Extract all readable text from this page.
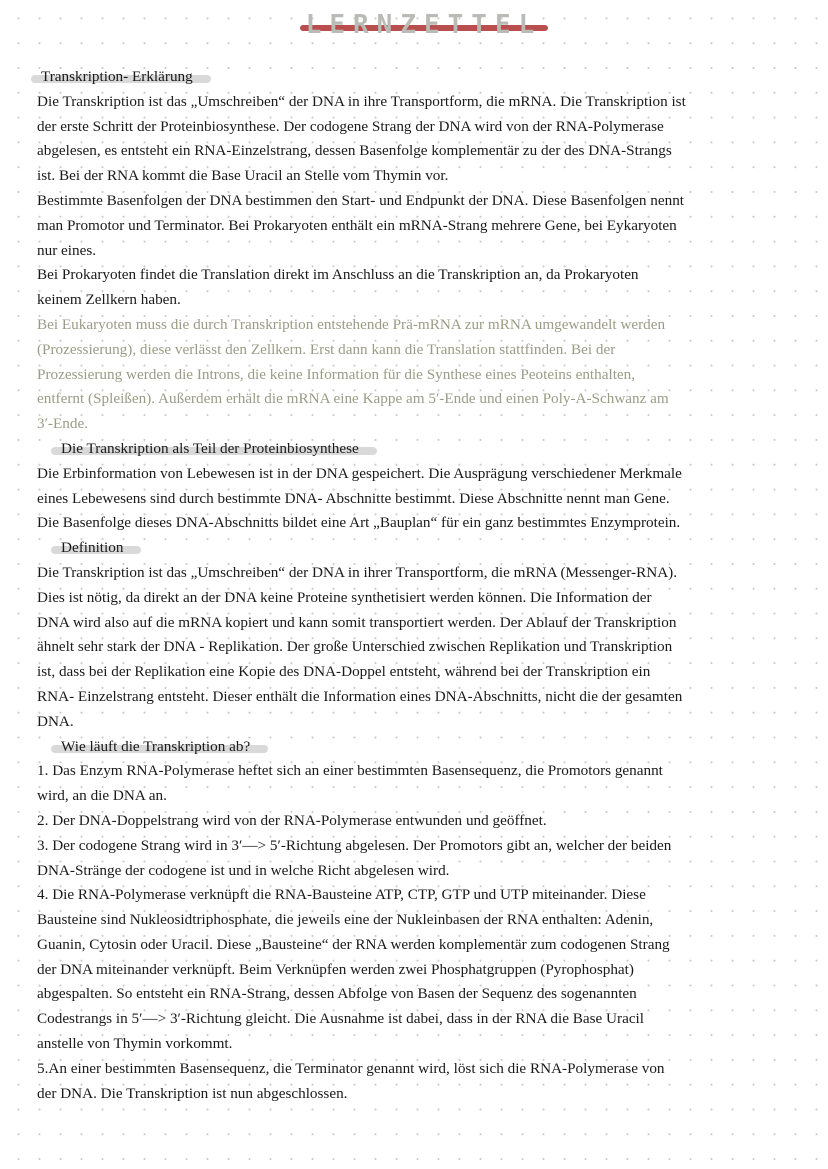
LERNZETTEL
Transkription- Erklärung
Die Transkription ist das „Umschreiben“ der DNA in ihre Transportform, die mRNA. Die Transkription ist
der erste Schritt der Proteinbiosynthese. Der codogene Strang der DNA wird von der RNA-Polymerase
abgelesen, es entsteht ein RNA-Einzelstrang, dessen Basenfolge komplementär zu der des DNA-Strangs
ist. Bei der RNA kommt die Base Uracil an Stelle vom Thymin vor.
Bestimmte Basenfolgen der DNA bestimmen den Start- und Endpunkt der DNA. Diese Basenfolgen nennt
man Promotor und Terminator. Bei Prokaryoten enthält ein mRNA-Strang mehrere Gene, bei Eykaryoten
nur eines.
Bei Prokaryoten findet die Translation direkt im Anschluss an die Transkription an, da Prokaryoten
keinem Zellkern haben.
Bei Eukaryoten muss die durch Transkription entstehende Prä-mRNA zur mRNA umgewandelt werden
(Prozessierung), diese verlässt den Zellkern. Erst dann kann die Translation stattfinden. Bei der
Prozessierung werden die Introns, die keine Information für die Synthese eines Peoteins enthalten,
entfernt (Spleißen). Außerdem erhält die mRNA eine Kappe am 5′-Ende und einen Poly-A-Schwanz am
3′-Ende.
Die Transkription als Teil der Proteinbiosynthese
Die Erbinformation von Lebewesen ist in der DNA gespeichert. Die Ausprägung verschiedener Merkmale
eines Lebewesens sind durch bestimmte DNA- Abschnitte bestimmt. Diese Abschnitte nennt man Gene.
Die Basenfolge dieses DNA-Abschnitts bildet eine Art „Bauplan“ für ein ganz bestimmtes Enzymprotein.
Definition
Die Transkription ist das „Umschreiben“ der DNA in ihrer Transportform, die mRNA (Messenger-RNA).
Dies ist nötig, da direkt an der DNA keine Proteine synthetisiert werden können. Die Information der
DNA wird also auf die mRNA kopiert und kann somit transportiert werden. Der Ablauf der Transkription
ähnelt sehr stark der DNA - Replikation. Der große Unterschied zwischen Replikation und Transkription
ist, dass bei der Replikation eine Kopie des DNA-Doppel entsteht, während bei der Transkription ein
RNA- Einzelstrang entsteht. Dieser enthält die Information eines DNA-Abschnitts, nicht die der gesamten
DNA.
Wie läuft die Transkription ab?
1. Das Enzym RNA-Polymerase heftet sich an einer bestimmten Basensequenz, die Promotors genannt
wird, an die DNA an.
2. Der DNA-Doppelstrang wird von der RNA-Polymerase entwunden und geöffnet.
3. Der codogene Strang wird in 3′—> 5′-Richtung abgelesen. Der Promotors gibt an, welcher der beiden
DNA-Stränge der codogene ist und in welche Richt abgelesen wird.
4. Die RNA-Polymerase verknüpft die RNA-Bausteine ATP, CTP, GTP und UTP miteinander. Diese
Bausteine sind Nukleosidtriphosphate, die jeweils eine der Nukleinbasen der RNA enthalten: Adenin,
Guanin, Cytosin oder Uracil. Diese „Bausteine“ der RNA werden komplementär zum codogenen Strang
der DNA miteinander verknüpft. Beim Verknüpfen werden zwei Phosphatgruppen (Pyrophosphat)
abgespalten. So entsteht ein RNA-Strang, dessen Abfolge von Basen der Sequenz des sogenannten
Codestrangs in 5′—> 3′-Richtung gleicht. Die Ausnahme ist dabei, dass in der RNA die Base Uracil
anstelle von Thymin vorkommt.
5.An einer bestimmten Basensequenz, die Terminator genannt wird, löst sich die RNA-Polymerase von
der DNA. Die Transkription ist nun abgeschlossen.
